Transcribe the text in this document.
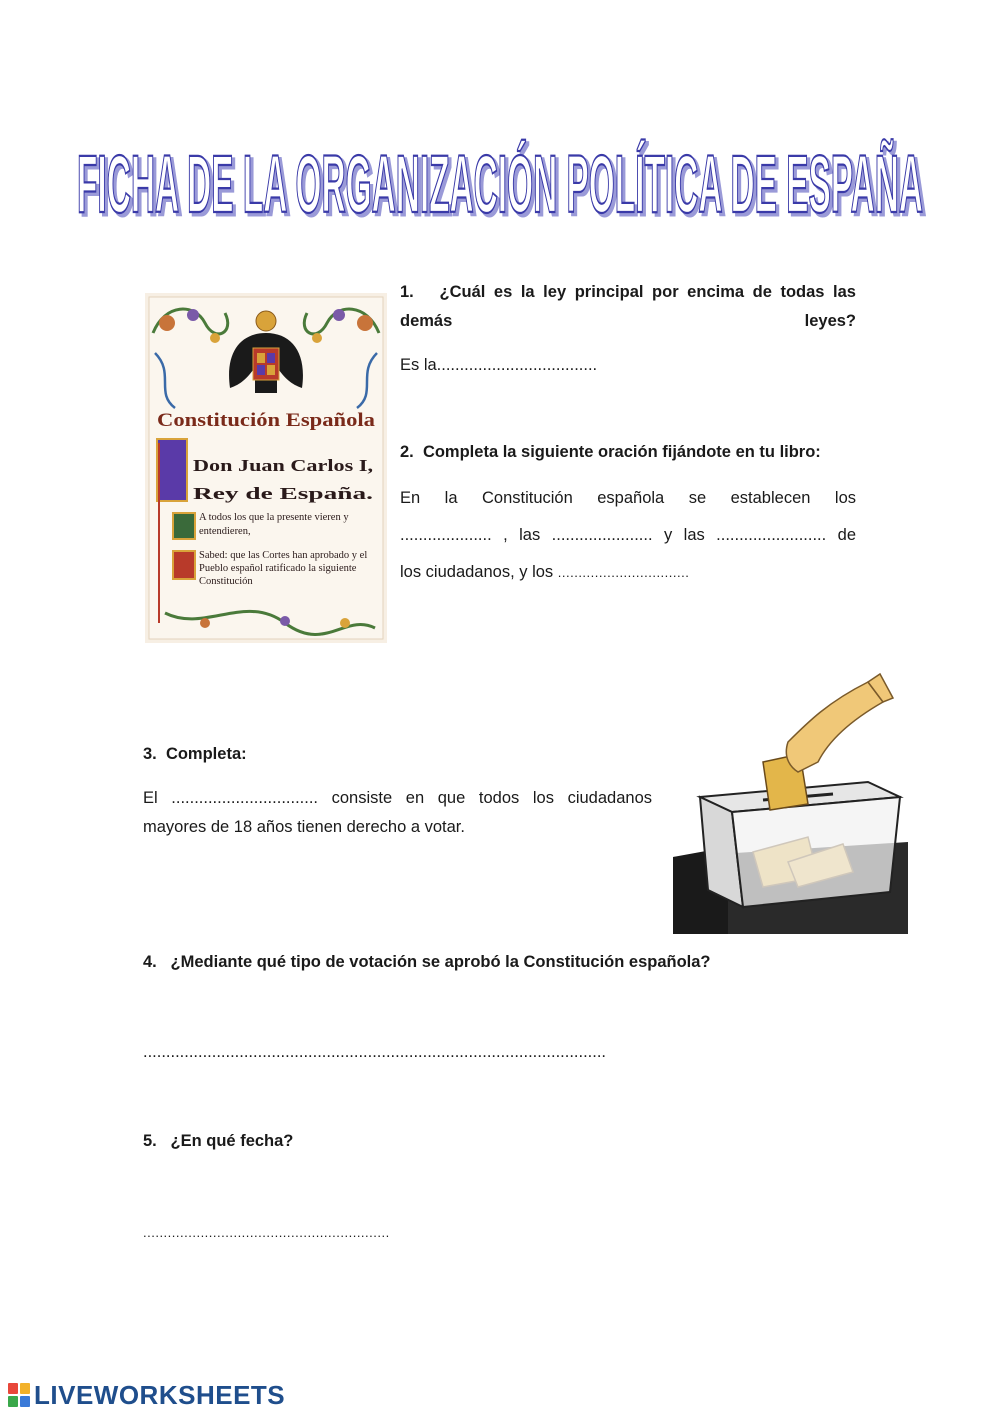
FICHA DE LA ORGANIZACIÓN POLÍTICA DE ESPAÑA
FICHA DE LA ORGANIZACIÓN POLÍTICA DE ESPAÑA
Constitución Española
Don Juan Carlos I,
Rey de España.
A todos los que la presente vieren y entendieren,
Sabed: que las Cortes han aprobado y el Pueblo español ratificado la siguiente Constitución
1. ¿Cuál es la ley principal por encima de todas las demás leyes?
Es la...................................
2. Completa la siguiente oración fijándote en tu libro:
En la Constitución española se establecen los
.................... , las ...................... y las ........................ de
los ciudadanos, y los ................................
3. Completa:
El ................................ consiste en que todos los ciudadanos
mayores de 18 años tienen derecho a votar.
4. ¿Mediante qué tipo de votación se aprobó la Constitución española?
.....................................................................................................
5. ¿En qué fecha?
............................................................
LIVEWORKSHEETS
